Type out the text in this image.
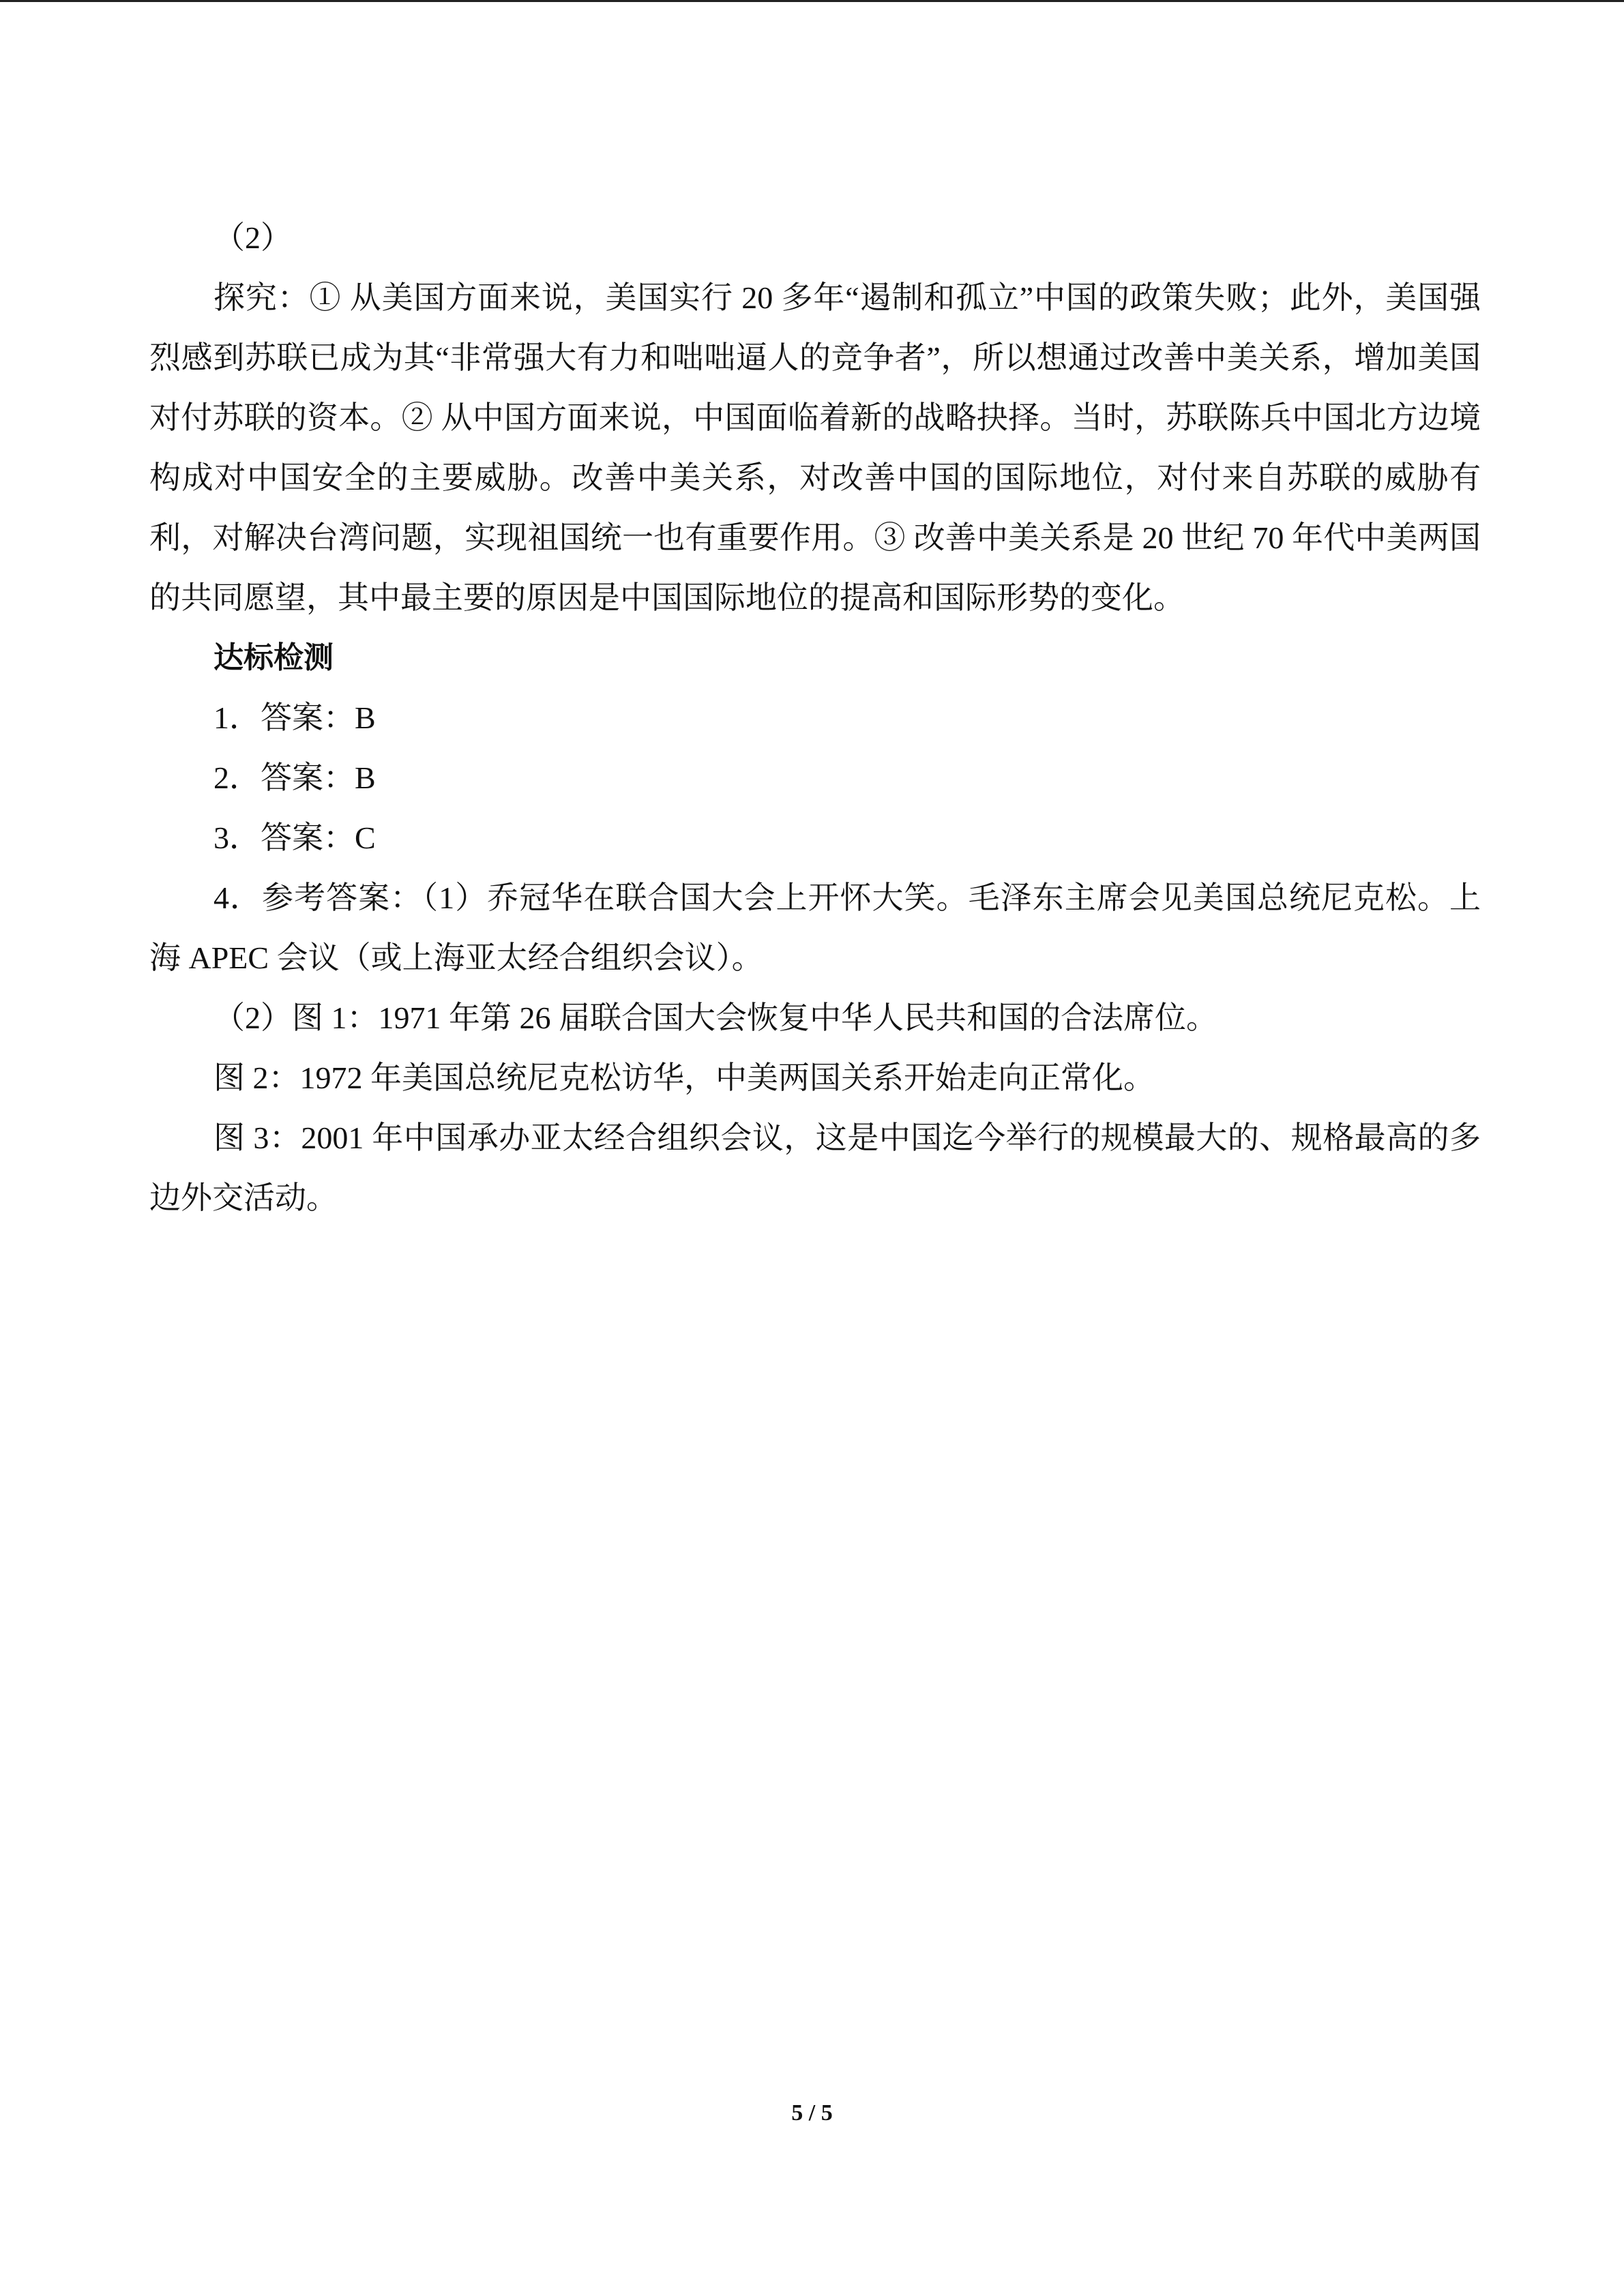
（2）

探究：① 从美国方面来说，美国实行 20 多年“遏制和孤立”中国的政策失败；此外，美国强烈感到苏联已成为其“非常强大有力和咄咄逼人的竞争者”，所以想通过改善中美关系，增加美国对付苏联的资本。② 从中国方面来说，中国面临着新的战略抉择。当时，苏联陈兵中国北方边境构成对中国安全的主要威胁。改善中美关系，对改善中国的国际地位，对付来自苏联的威胁有利，对解决台湾问题，实现祖国统一也有重要作用。③ 改善中美关系是 20 世纪 70 年代中美两国的共同愿望，其中最主要的原因是中国国际地位的提高和国际形势的变化。

达标检测

1．答案：B

2．答案：B

3．答案：C

4．参考答案：（1）乔冠华在联合国大会上开怀大笑。毛泽东主席会见美国总统尼克松。上海 APEC 会议（或上海亚太经合组织会议）。

（2）图 1：1971 年第 26 届联合国大会恢复中华人民共和国的合法席位。

图 2：1972 年美国总统尼克松访华，中美两国关系开始走向正常化。

图 3：2001 年中国承办亚太经合组织会议，这是中国迄今举行的规模最大的、规格最高的多边外交活动。

5 / 5
